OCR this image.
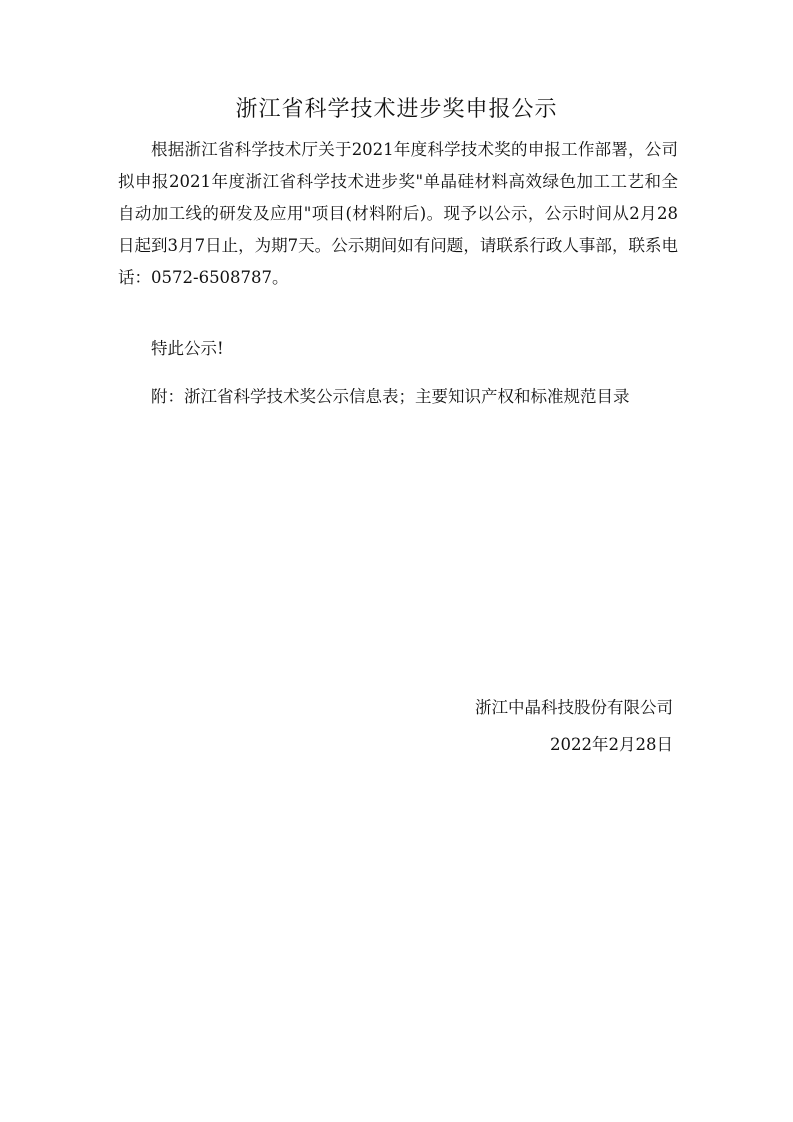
浙江省科学技术进步奖申报公示

根据浙江省科学技术厅关于2021年度科学技术奖的申报工作部署，公司拟申报2021年度浙江省科学技术进步奖"单晶硅材料高效绿色加工工艺和全自动加工线的研发及应用"项目(材料附后)。现予以公示，公示时间从2月28日起到3月7日止，为期7天。公示期间如有问题，请联系行政人事部，联系电话：0572-6508787。

特此公示!

附：浙江省科学技术奖公示信息表；主要知识产权和标准规范目录

浙江中晶科技股份有限公司
2022年2月28日
